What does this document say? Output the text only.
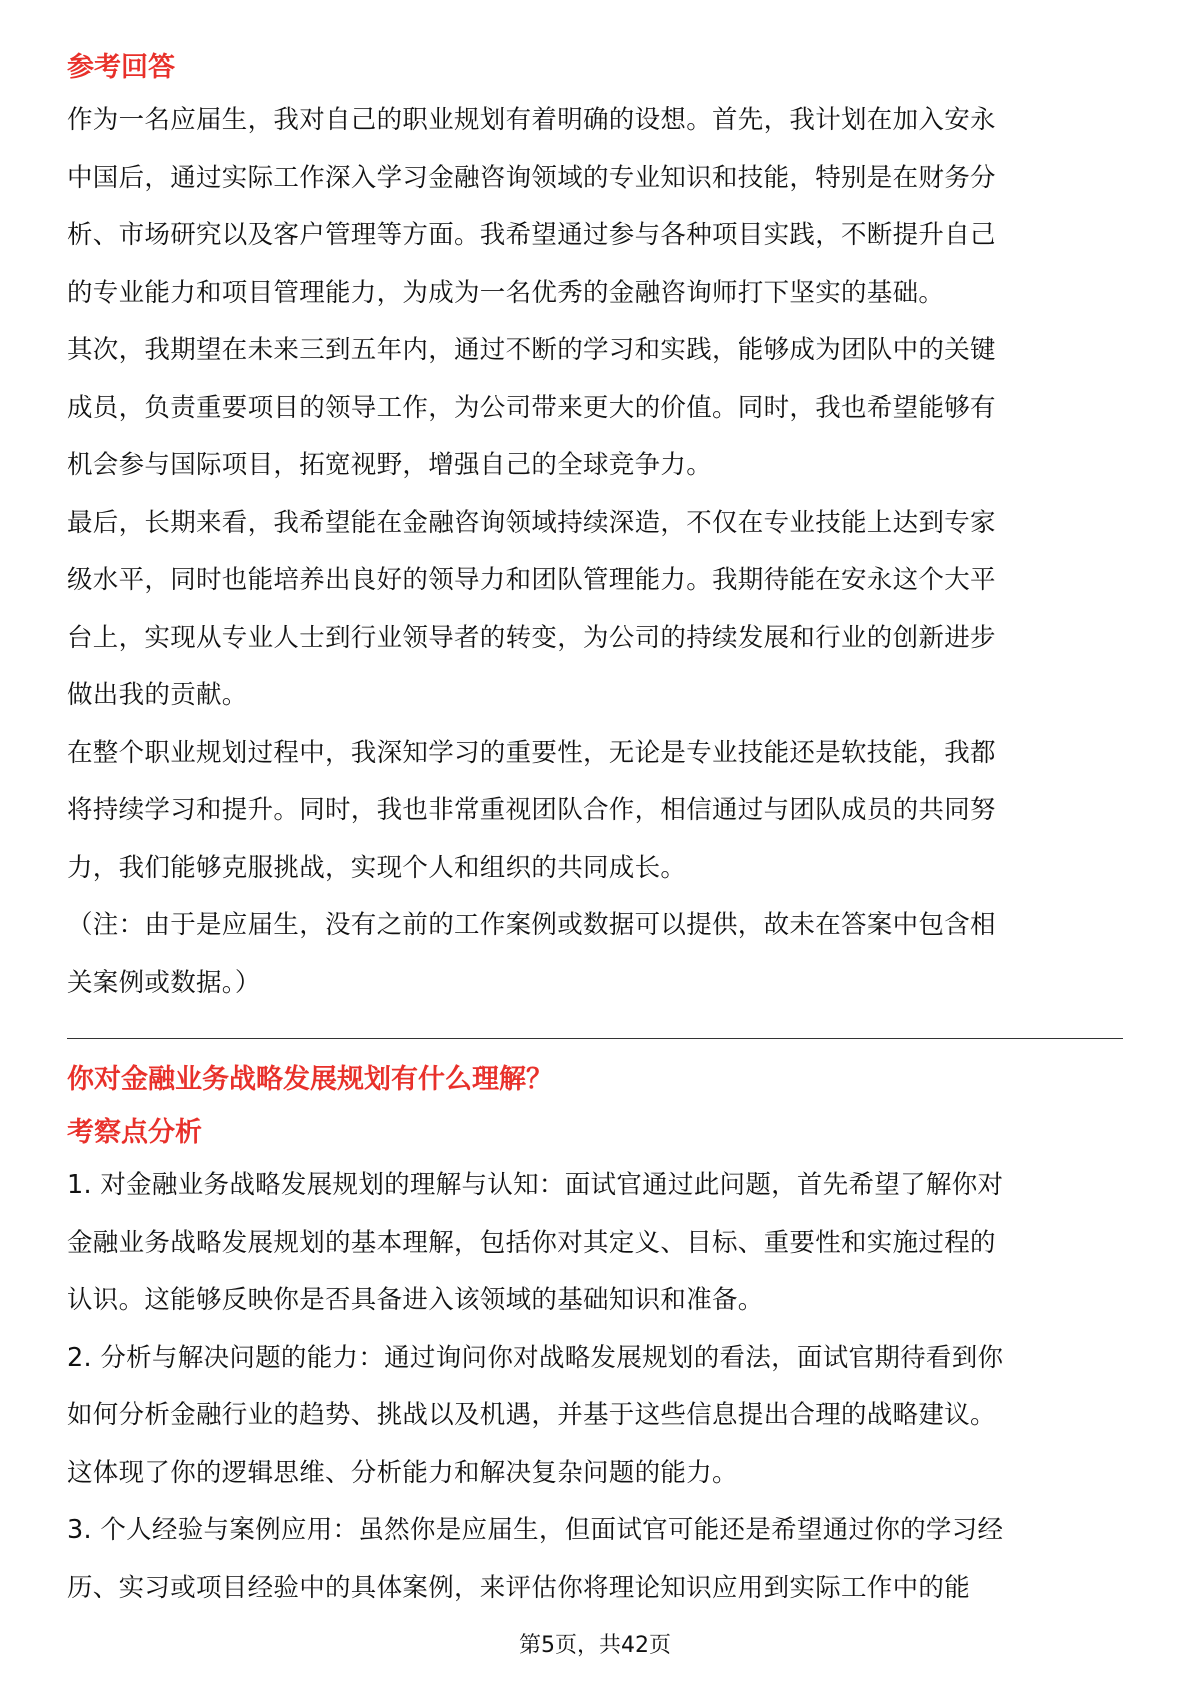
参考回答

作为一名应届生，我对自己的职业规划有着明确的设想。首先，我计划在加入安永
中国后，通过实际工作深入学习金融咨询领域的专业知识和技能，特别是在财务分
析、市场研究以及客户管理等方面。我希望通过参与各种项目实践，不断提升自己
的专业能力和项目管理能力，为成为一名优秀的金融咨询师打下坚实的基础。

其次，我期望在未来三到五年内，通过不断的学习和实践，能够成为团队中的关键
成员，负责重要项目的领导工作，为公司带来更大的价值。同时，我也希望能够有
机会参与国际项目，拓宽视野，增强自己的全球竞争力。

最后，长期来看，我希望能在金融咨询领域持续深造，不仅在专业技能上达到专家
级水平，同时也能培养出良好的领导力和团队管理能力。我期待能在安永这个大平
台上，实现从专业人士到行业领导者的转变，为公司的持续发展和行业的创新进步
做出我的贡献。

在整个职业规划过程中，我深知学习的重要性，无论是专业技能还是软技能，我都
将持续学习和提升。同时，我也非常重视团队合作，相信通过与团队成员的共同努
力，我们能够克服挑战，实现个人和组织的共同成长。

（注：由于是应届生，没有之前的工作案例或数据可以提供，故未在答案中包含相
关案例或数据。）

你对金融业务战略发展规划有什么理解？
考察点分析

1. 对金融业务战略发展规划的理解与认知：面试官通过此问题，首先希望了解你对
金融业务战略发展规划的基本理解，包括你对其定义、目标、重要性和实施过程的
认识。这能够反映你是否具备进入该领域的基础知识和准备。

2. 分析与解决问题的能力：通过询问你对战略发展规划的看法，面试官期待看到你
如何分析金融行业的趋势、挑战以及机遇，并基于这些信息提出合理的战略建议。
这体现了你的逻辑思维、分析能力和解决复杂问题的能力。

3. 个人经验与案例应用：虽然你是应届生，但面试官可能还是希望通过你的学习经
历、实习或项目经验中的具体案例，来评估你将理论知识应用到实际工作中的能

第5页，共42页
